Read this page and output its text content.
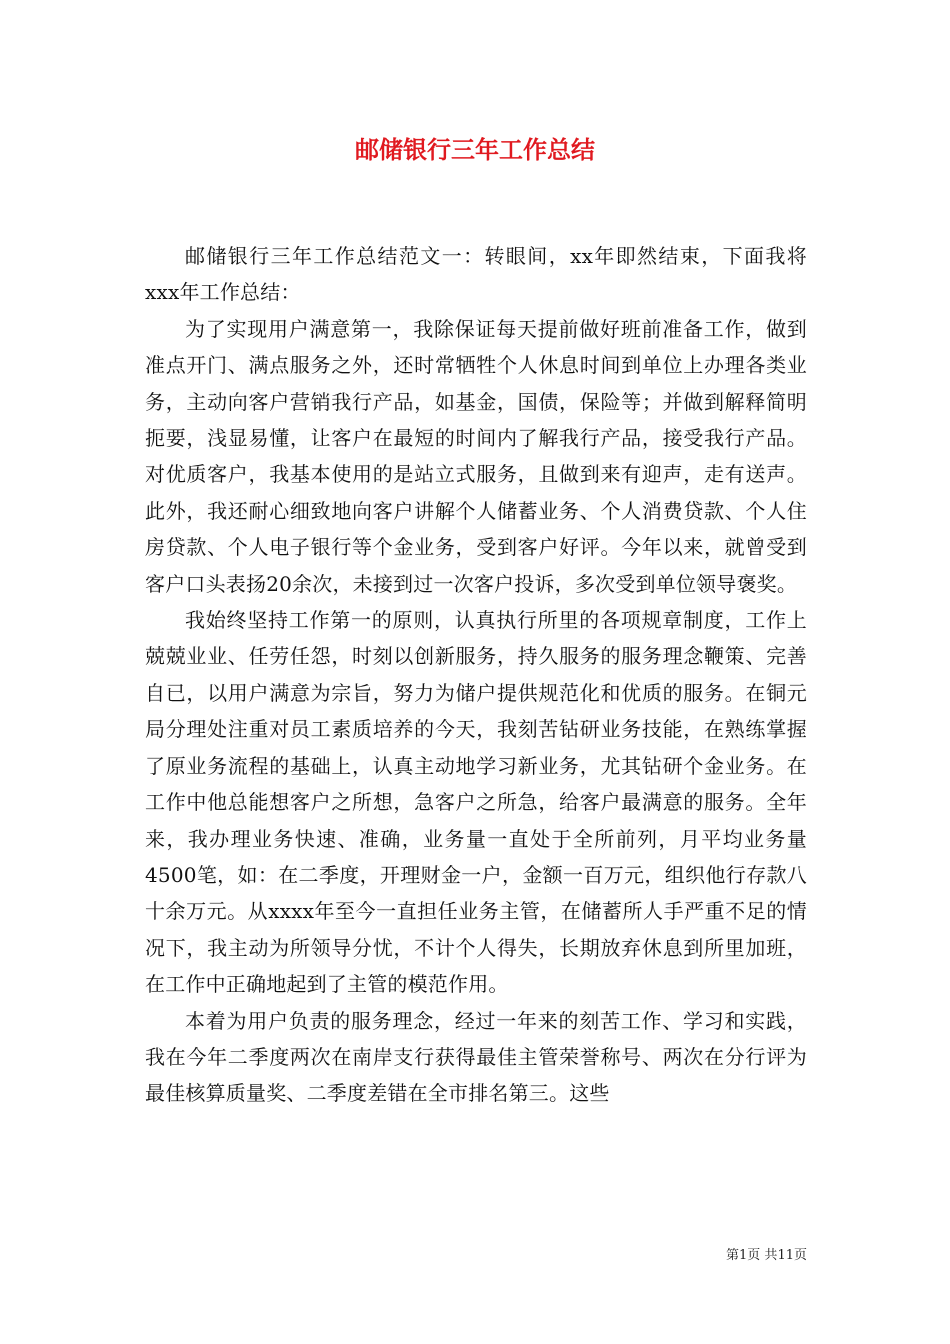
邮储银行三年工作总结

邮储银行三年工作总结范文一：转眼间，xx年即然结束，下面我将xxx年工作总结：

为了实现用户满意第一，我除保证每天提前做好班前准备工作，做到准点开门、满点服务之外，还时常牺牲个人休息时间到单位上办理各类业务，主动向客户营销我行产品，如基金，国债，保险等；并做到解释简明扼要，浅显易懂，让客户在最短的时间内了解我行产品，接受我行产品。对优质客户，我基本使用的是站立式服务，且做到来有迎声，走有送声。此外，我还耐心细致地向客户讲解个人储蓄业务、个人消费贷款、个人住房贷款、个人电子银行等个金业务，受到客户好评。今年以来，就曾受到客户口头表扬20余次，未接到过一次客户投诉，多次受到单位领导褒奖。

我始终坚持工作第一的原则，认真执行所里的各项规章制度，工作上兢兢业业、任劳任怨，时刻以创新服务，持久服务的服务理念鞭策、完善自已，以用户满意为宗旨，努力为储户提供规范化和优质的服务。在铜元局分理处注重对员工素质培养的今天，我刻苦钻研业务技能，在熟练掌握了原业务流程的基础上，认真主动地学习新业务，尤其钻研个金业务。在工作中他总能想客户之所想，急客户之所急，给客户最满意的服务。全年来，我办理业务快速、准确，业务量一直处于全所前列，月平均业务量4500笔，如：在二季度，开理财金一户，金额一百万元，组织他行存款八十余万元。从xxxx年至今一直担任业务主管，在储蓄所人手严重不足的情况下，我主动为所领导分忧，不计个人得失，长期放弃休息到所里加班，在工作中正确地起到了主管的模范作用。

本着为用户负责的服务理念，经过一年来的刻苦工作、学习和实践，我在今年二季度两次在南岸支行获得最佳主管荣誉称号、两次在分行评为最佳核算质量奖、二季度差错在全市排名第三。这些

第1页 共11页
